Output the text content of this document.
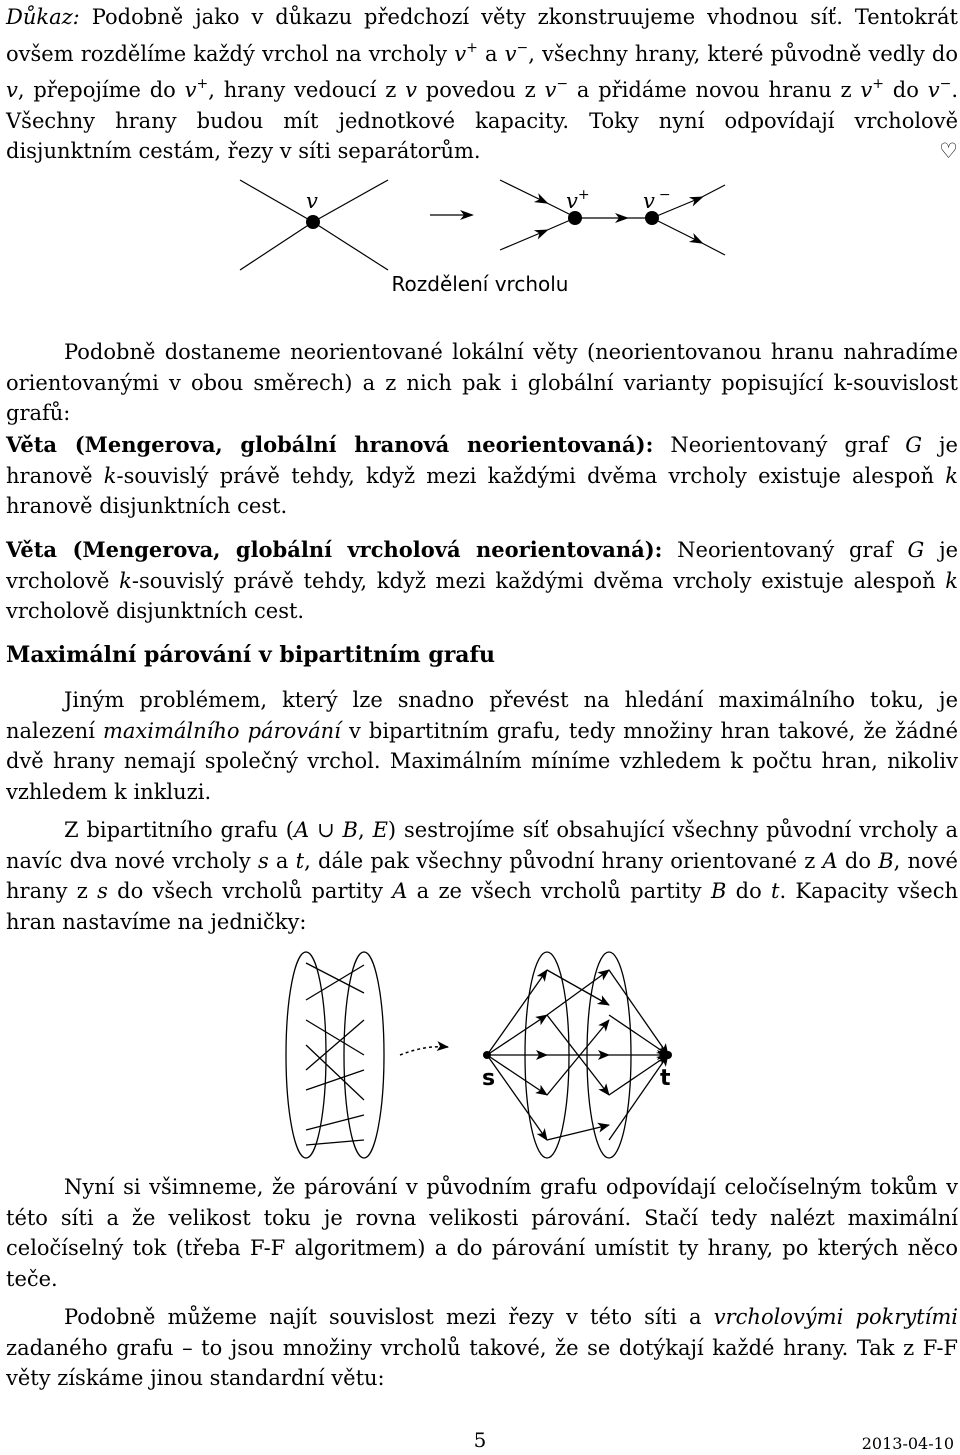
Důkaz: Podobně jako v důkazu předchozí věty zkonstruujeme vhodnou síť. Tentokrát ovšem rozdělíme každý vrchol na vrcholy v+ a v−, všechny hrany, které původně vedly do v, přepojíme do v+, hrany vedoucí z v povedou z v− a přidáme novou hranu z v+ do v−. Všechny hrany budou mít jednotkové kapacity. Toky nyní odpovídají vrcholově disjunktním cestám, řezy v síti separátorům.	♡

v	v+	v −
Rozdělení vrcholu

Podobně dostaneme neorientované lokální věty (neorientovanou hranu nahradíme orientovanými v obou směrech) a z nich pak i globální varianty popisující k-souvislost grafů:

Věta (Mengerova, globální hranová neorientovaná): Neorientovaný graf G je hranově k-souvislý právě tehdy, když mezi každými dvěma vrcholy existuje alespoň k hranově disjunktních cest.

Věta (Mengerova, globální vrcholová neorientovaná): Neorientovaný graf G je vrcholově k-souvislý právě tehdy, když mezi každými dvěma vrcholy existuje alespoň k vrcholově disjunktních cest.

Maximální párování v bipartitním grafu

Jiným problémem, který lze snadno převést na hledání maximálního toku, je nalezení maximálního párování v bipartitním grafu, tedy množiny hran takové, že žádné dvě hrany nemají společný vrchol. Maximálním míníme vzhledem k počtu hran, nikoliv vzhledem k inkluzi.

Z bipartitního grafu (A ∪ B, E) sestrojíme síť obsahující všechny původní vrcholy a navíc dva nové vrcholy s a t, dále pak všechny původní hrany orientované z A do B, nové hrany z s do všech vrcholů partity A a ze všech vrcholů partity B do t. Kapacity všech hran nastavíme na jedničky:

s	t

Nyní si všimneme, že párování v původním grafu odpovídají celočíselným tokům v této síti a že velikost toku je rovna velikosti párování. Stačí tedy nalézt maximální celočíselný tok (třeba F-F algoritmem) a do párování umístit ty hrany, po kterých něco teče.

Podobně můžeme najít souvislost mezi řezy v této síti a vrcholovými pokrytími zadaného grafu – to jsou množiny vrcholů takové, že se dotýkají každé hrany. Tak z F-F věty získáme jinou standardní větu:

5	2013-04-10
